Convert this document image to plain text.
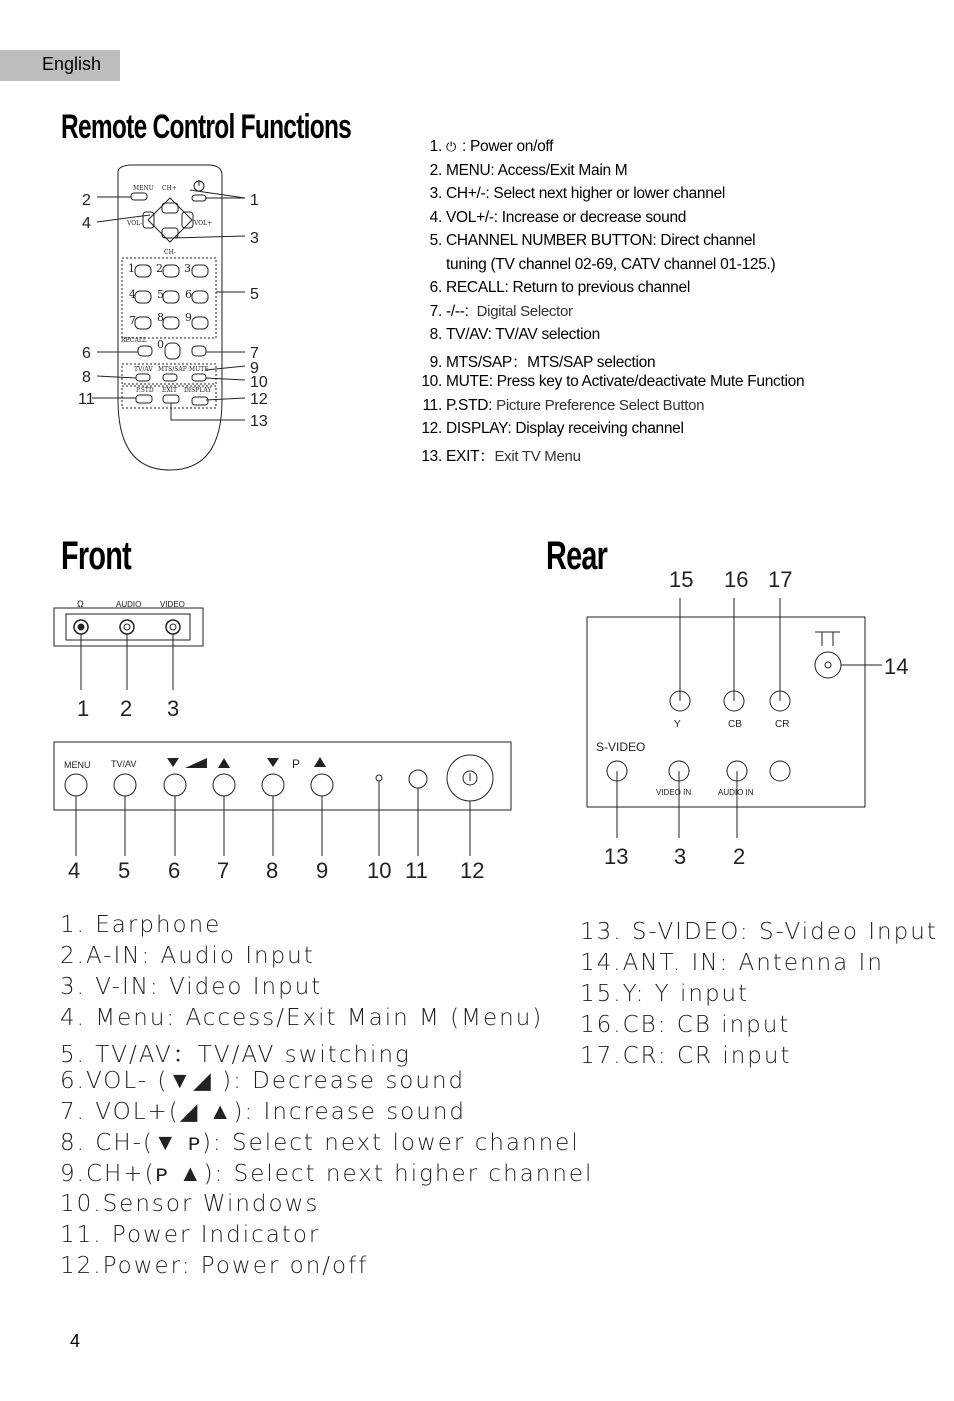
English
Remote Control Functions
Front	Rear
1. ⏻ : Power on/off
2. MENU: Access/Exit Main M
3. CH+/-: Select next higher or lower channel
4. VOL+/-: Increase or decrease sound
5. CHANNEL NUMBER BUTTON: Direct channel
tuning (TV channel 02-69, CATV channel 01-125.)
6. RECALL: Return to previous channel
7. -/--: Digital Selector
8. TV/AV: TV/AV selection
9. MTS/SAP：MTS/SAP selection
10. MUTE: Press key to Activate/deactivate Mute Function
11. P.STD: Picture Preference Select Button
12. DISPLAY: Display receiving channel
13. EXIT：Exit TV Menu
MENU CH+
VOL-	VOL+
CH-
RECALL
TV/AV MTS/SAP MUTE
P.STD EXIT DISPLAY
1 2 3
4 5 6
7 8 9
0
2
4
6
8
11
1
3
5
7
9
10
12
13
Ω	AUDIO VIDEO
MENU TV/AV	P
Y	CB	CR
S-VIDEO
VIDEO IN	AUDIO IN
1 2 3
4 5 6 7 8 9 10 11 12
15 16 17
14
13 3 2
1. Earphone
2.A-IN: Audio Input
3. V-IN: Video Input
4. Menu: Access/Exit Main M (Menu)
5. TV/AV：TV/AV switching
6.VOL- (▼◢ ): Decrease sound
7. VOL+(◢ ▲): Increase sound
8. CH-(▼ ᴘ): Select next lower channel
9.CH+(ᴘ ▲): Select next higher channel
10.Sensor Windows
11. Power Indicator
12.Power: Power on/off
13. S-VIDEO: S-Video Input
14.ANT. IN: Antenna In
15.Y: Y input
16.CB: CB input
17.CR: CR input
4
